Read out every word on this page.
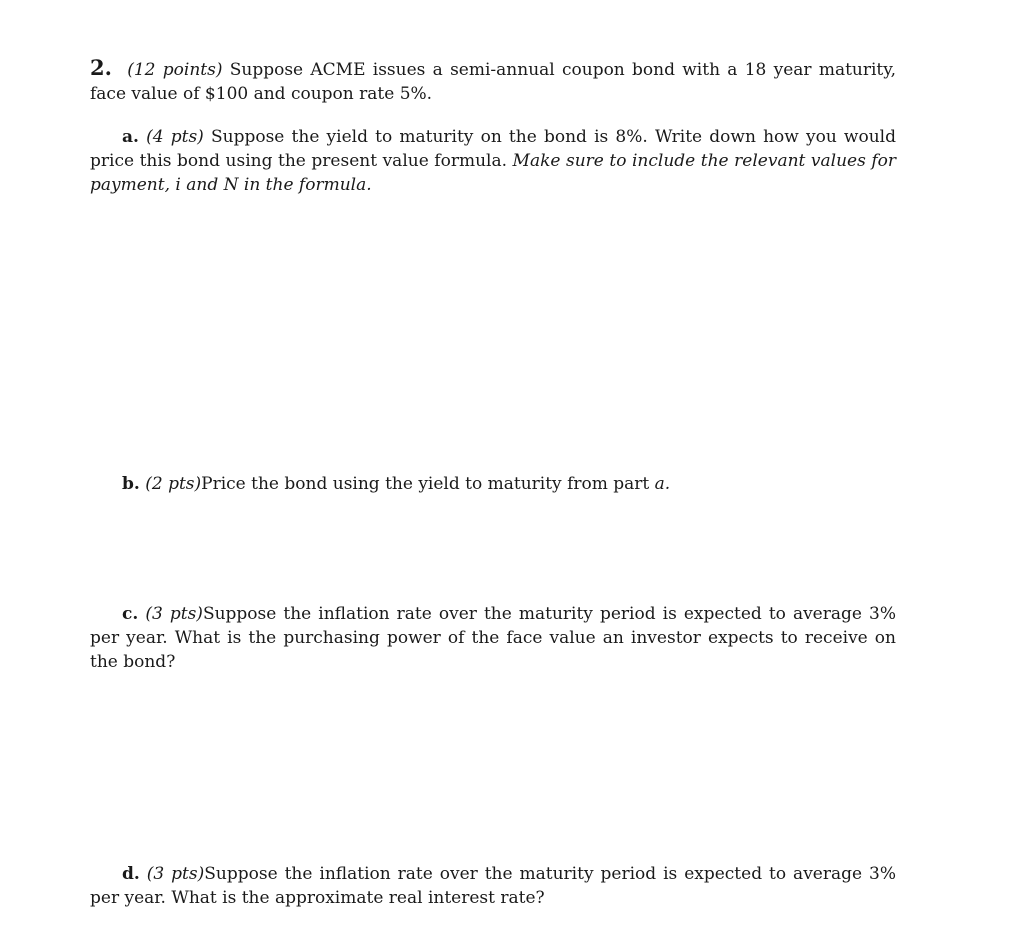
2. (12 points) Suppose ACME issues a semi-annual coupon bond with a 18 year maturity, face value of $100 and coupon rate 5%.

a. (4 pts) Suppose the yield to maturity on the bond is 8%. Write down how you would price this bond using the present value formula. Make sure to include the relevant values for payment, i and N in the formula.

b. (2 pts)Price the bond using the yield to maturity from part a.

c. (3 pts)Suppose the inflation rate over the maturity period is expected to average 3% per year. What is the purchasing power of the face value an investor expects to receive on the bond?

d. (3 pts)Suppose the inflation rate over the maturity period is expected to average 3% per year. What is the approximate real interest rate?
